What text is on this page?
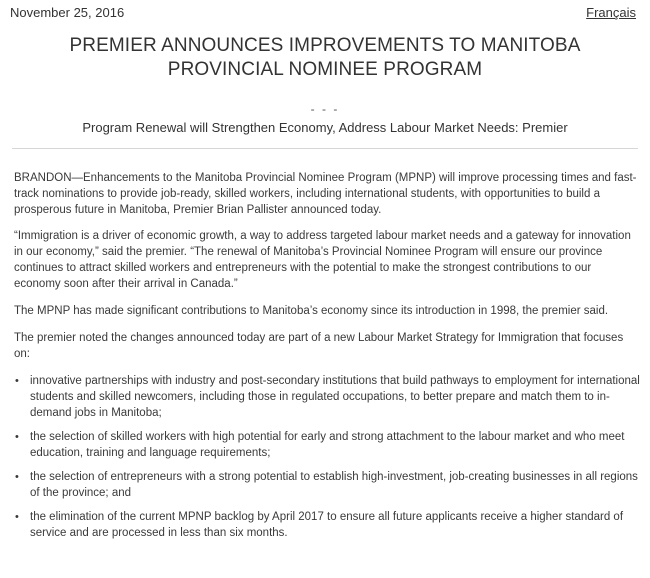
November 25, 2016	Français
PREMIER ANNOUNCES IMPROVEMENTS TO MANITOBA
PROVINCIAL NOMINEE PROGRAM
- - -
Program Renewal will Strengthen Economy, Address Labour Market Needs: Premier

BRANDON—Enhancements to the Manitoba Provincial Nominee Program (MPNP) will improve processing times and fast-track nominations to provide job-ready, skilled workers, including international students, with opportunities to build a prosperous future in Manitoba, Premier Brian Pallister announced today.

“Immigration is a driver of economic growth, a way to address targeted labour market needs and a gateway for innovation in our economy,” said the premier. “The renewal of Manitoba’s Provincial Nominee Program will ensure our province continues to attract skilled workers and entrepreneurs with the potential to make the strongest contributions to our economy soon after their arrival in Canada.”

The MPNP has made significant contributions to Manitoba’s economy since its introduction in 1998, the premier said.

The premier noted the changes announced today are part of a new Labour Market Strategy for Immigration that focuses on:

• innovative partnerships with industry and post-secondary institutions that build pathways to employment for international students and skilled newcomers, including those in regulated occupations, to better prepare and match them to in-demand jobs in Manitoba;
• the selection of skilled workers with high potential for early and strong attachment to the labour market and who meet education, training and language requirements;
• the selection of entrepreneurs with a strong potential to establish high-investment, job-creating businesses in all regions of the province; and
• the elimination of the current MPNP backlog by April 2017 to ensure all future applicants receive a higher standard of service and are processed in less than six months.
